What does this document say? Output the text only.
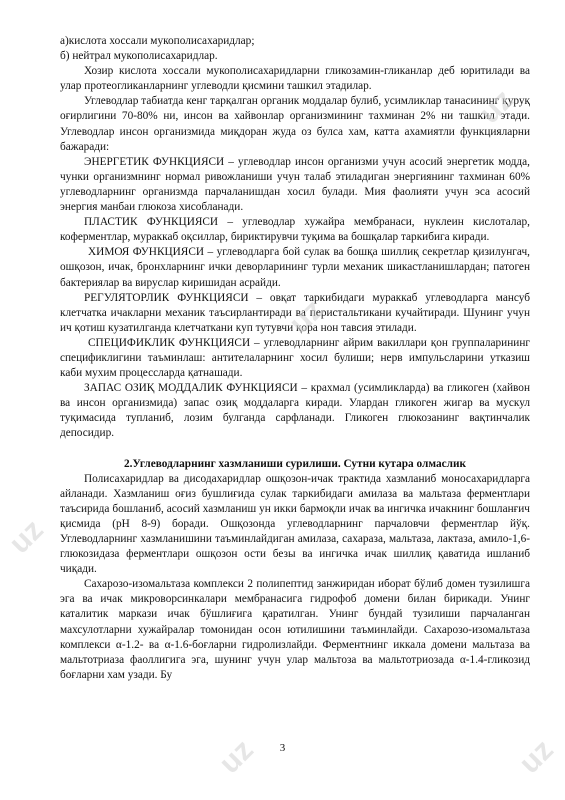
а)кислота хоссали мукополисахаридлар;

б) нейтрал мукополисахаридлар.

Хозир кислота хоссали мукополисахаридларни гликозамин-гликанлар деб юритилади ва улар протеогликанларнинг углеводли қисмини ташкил этадилар.

Углеводлар табиатда кенг тарқалган органик моддалар булиб, усимликлар танасининг қуруқ оғирлигини 70-80% ни, инсон ва хайвонлар организмининг тахминан 2% ни ташкил этади. Углеводлар инсон организмида миқдоран жуда оз булса хам, катта ахамиятли функцияларни бажаради:

ЭНЕРГЕТИК ФУНКЦИЯСИ – углеводлар инсон организми учун асосий энергетик модда, чунки организмнинг нормал ривожланиши учун талаб этиладиган энергиянинг тахминан 60% углеводларнинг организмда парчаланишдан хосил булади. Мия фаолияти учун эса асосий энергия манбаи глюкоза хисобланади.

ПЛАСТИК ФУНКЦИЯСИ – углеводлар хужайра мембранаси, нуклеин кислоталар, коферментлар, мураккаб оқсиллар, бириктирувчи туқима ва бошқалар таркибига киради.

ХИМОЯ ФУНКЦИЯСИ – углеводларга бой сулак ва бошқа шиллиқ секретлар қизилунгач, ошқозон, ичак, бронхларнинг ички деворларининг турли механик шикастланишлардан; патоген бактериялар ва вируслар киришидан асрайди.

РЕГУЛЯТОРЛИК ФУНКЦИЯСИ – овқат таркибидаги мураккаб углеводларга мансуб клетчатка ичакларни механик таъсирлантиради ва перистальтикани кучайтиради. Шунинг учун ич қотиш кузатилганда клетчаткани куп тутувчи қора нон тавсия этилади.

СПЕЦИФИКЛИК ФУНКЦИЯСИ – углеводларнинг айрим вакиллари қон группаларининг спецификлигини таъминлаш: антителаларнинг хосил булиши; нерв импульсларини утказиш каби мухим процессларда қатнашади.

ЗАПАС ОЗИҚ МОДДАЛИК ФУНКЦИЯСИ – крахмал (усимликларда) ва гликоген (хайвон ва инсон организмида) запас озиқ моддаларга киради. Улардан гликоген жигар ва мускул туқимасида тупланиб, лозим булганда сарфланади. Гликоген глюкозанинг вақтинчалик депосидир.

2.Углеводларнинг хазмланиши сурилиши. Сутни кутара олмаслик

Полисахаридлар ва дисодахаридлар ошқозон-ичак трактида хазмланиб моносахаридларга айланади. Хазмланиш оғиз бушлиғида сулак таркибидаги амилаза ва мальтаза ферментлари таъсирида бошланиб, асосий хазмланиш ун икки бармоқли ичак ва ингичка ичакнинг бошланғич қисмида (рН 8-9) боради. Ошқозонда углеводларнинг парчаловчи ферментлар йўқ. Углеводларнинг хазмланишини таъминлайдиган амилаза, сахараза, мальтаза, лактаза, амило-1,6-глюкозидаза ферментлари ошқозон ости безы ва ингичка ичак шиллиқ қаватида ишланиб чиқади.

Сахарозо-изомальтаза комплекси 2 полипептид занжиридан иборат бўлиб домен тузилишга эга ва ичак микроворсинкалари мембранасига гидрофоб домени билан бирикади. Унинг каталитик маркази ичак бўшлиғига қаратилган. Унинг бундай тузилиши парчаланган махсулотларни хужайралар томонидан осон ютилишини таъминлайди. Сахарозо-изомальтаза комплекси α-1.2- ва α-1.6-боғларни гидролизлайди. Ферментнинг иккала домени мальтаза ва мальтотриаза фаоллигига эга, шунинг учун улар мальтоза ва мальтотриозада α-1.4-гликозид боғларни хам узади. Бу

3
uz
uz
uz
uz
uz
